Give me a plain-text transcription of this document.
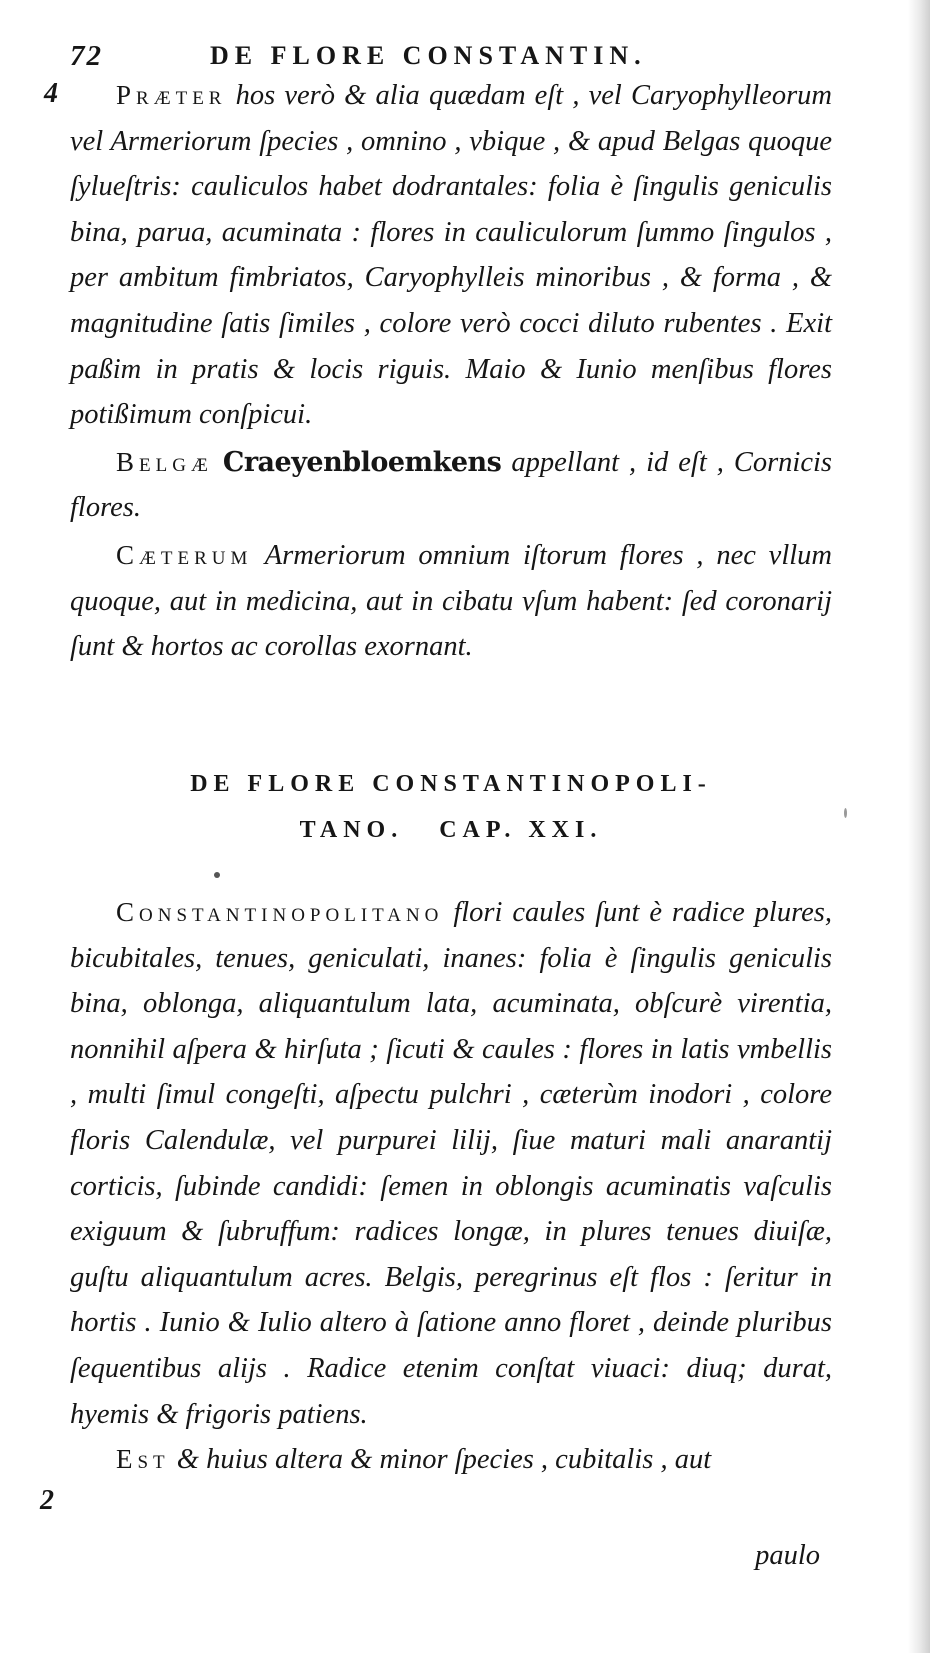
72	DE FLORE CONSTANTIN.
4	Præter hos verò & alia quædam eſt , vel Caryophylleorum vel Armeriorum ſpecies , omnino , vbique , & apud Belgas quoque ſylueſtris: cauliculos habet dodrantales: folia è ſingulis geniculis bina, parua, acuminata : flores in cauliculorum ſummo ſingulos , per ambitum fimbriatos, Caryophylleis minoribus , & forma , & magnitudine ſatis ſimiles , colore verò cocci diluto rubentes . Exit paßim in pratis & locis riguis. Maio & Iunio menſibus flores potißimum conſpicui.

Belgæ Craeyenbloemkens appellant , id eſt , Cornicis flores.

Cæterum Armeriorum omnium iſtorum flores , nec vllum quoque, aut in medicina, aut in cibatu vſum habent: ſed coronarij ſunt & hortos ac corollas exornant.

DE FLORE CONSTANTINOPOLI-
TANO.   CAP. XXI.

Constantinopolitano flori caules ſunt è radice plures, bicubitales, tenues, geniculati, inanes: folia è ſingulis geniculis bina, oblonga, aliquantulum lata, acuminata, obſcurè virentia, nonnihil aſpera & hirſuta ; ſicuti & caules : flores in latis vmbellis , multi ſimul congeſti, aſpectu pulchri , cæterùm inodori , colore floris Calendulæ, vel purpurei lilij, ſiue maturi mali anarantij corticis, ſubinde candidi: ſemen in oblongis acuminatis vaſculis exiguum & ſubruffum: radices longæ, in plures tenues diuiſæ, guſtu aliquantulum acres. Belgis, peregrinus eſt flos : ſeritur in hortis . Iunio & Iulio altero à ſatione anno floret , deinde pluribus ſequentibus alijs . Radice etenim conſtat viuaci: diuq; durat, hyemis & frigoris patiens.

Est & huius altera & minor ſpecies , cubitalis , aut

2
paulo
